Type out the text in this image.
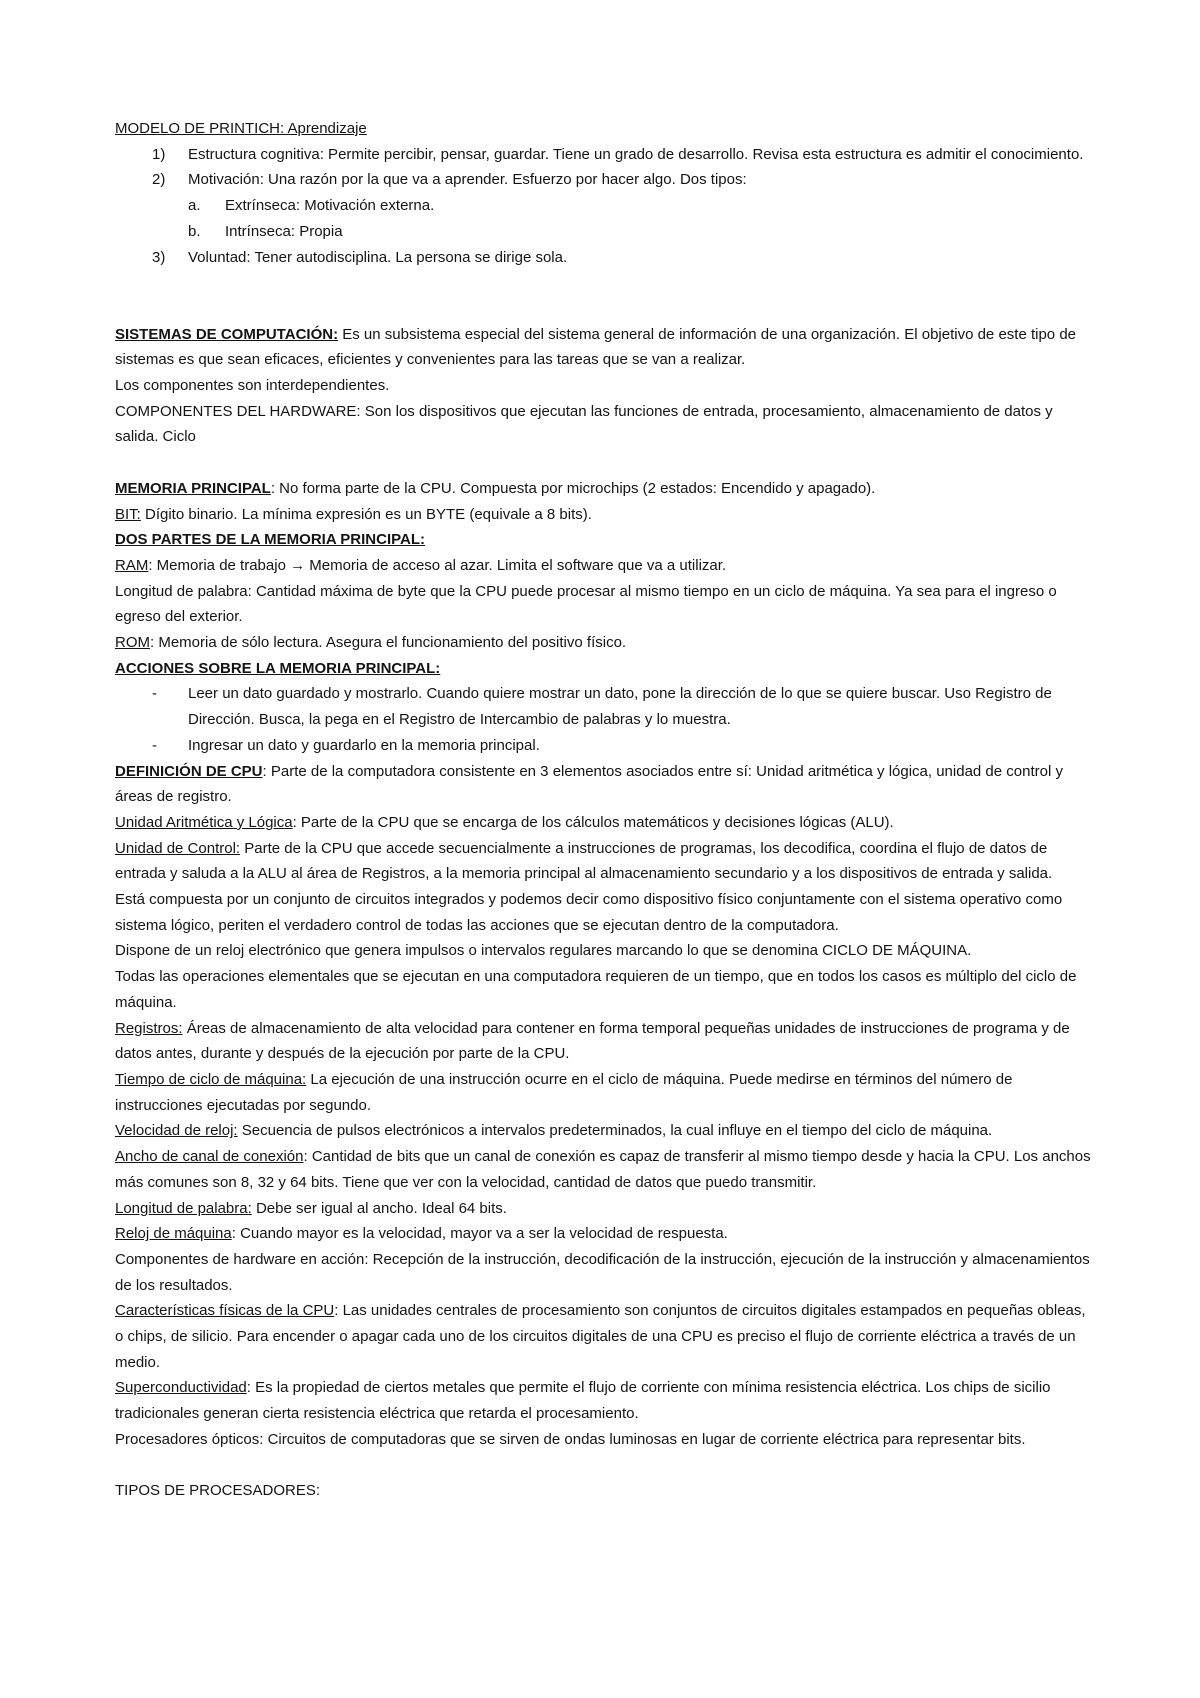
MODELO DE PRINTICH: Aprendizaje

1)	Estructura cognitiva: Permite percibir, pensar, guardar. Tiene un grado de desarrollo. Revisa esta estructura es admitir el conocimiento.
2)	Motivación: Una razón por la que va a aprender. Esfuerzo por hacer algo. Dos tipos:
a.	Extrínseca: Motivación externa.
b.	Intrínseca: Propia
3)	Voluntad: Tener autodisciplina. La persona se dirige sola.

SISTEMAS DE COMPUTACIÓN: Es un subsistema especial del sistema general de información de una organización. El objetivo de este tipo de sistemas es que sean eficaces, eficientes y convenientes para las tareas que se van a realizar.

Los componentes son interdependientes.

COMPONENTES DEL HARDWARE: Son los dispositivos que ejecutan las funciones de entrada, procesamiento, almacenamiento de datos y salida. Ciclo

MEMORIA PRINCIPAL: No forma parte de la CPU. Compuesta por microchips (2 estados: Encendido y apagado).

BIT: Dígito binario. La mínima expresión es un BYTE (equivale a 8 bits).

DOS PARTES DE LA MEMORIA PRINCIPAL:

RAM: Memoria de trabajo → Memoria de acceso al azar. Limita el software que va a utilizar.

Longitud de palabra: Cantidad máxima de byte que la CPU puede procesar al mismo tiempo en un ciclo de máquina. Ya sea para el ingreso o egreso del exterior.

ROM: Memoria de sólo lectura. Asegura el funcionamiento del positivo físico.

ACCIONES SOBRE LA MEMORIA PRINCIPAL:

-	Leer un dato guardado y mostrarlo. Cuando quiere mostrar un dato, pone la dirección de lo que se quiere buscar. Uso Registro de Dirección. Busca, la pega en el Registro de Intercambio de palabras y lo muestra.
-	Ingresar un dato y guardarlo en la memoria principal.

DEFINICIÓN DE CPU: Parte de la computadora consistente en 3 elementos asociados entre sí: Unidad aritmética y lógica, unidad de control y áreas de registro.

Unidad Aritmética y Lógica: Parte de la CPU que se encarga de los cálculos matemáticos y decisiones lógicas (ALU).

Unidad de Control: Parte de la CPU que accede secuencialmente a instrucciones de programas, los decodifica, coordina el flujo de datos de entrada y saluda a la ALU al área de Registros, a la memoria principal al almacenamiento secundario y a los dispositivos de entrada y salida.

Está compuesta por un conjunto de circuitos integrados y podemos decir como dispositivo físico conjuntamente con el sistema operativo como sistema lógico, periten el verdadero control de todas las acciones que se ejecutan dentro de la computadora.

Dispone de un reloj electrónico que genera impulsos o intervalos regulares marcando lo que se denomina CICLO DE MÁQUINA.

Todas las operaciones elementales que se ejecutan en una computadora requieren de un tiempo, que en todos los casos es múltiplo del ciclo de máquina.

Registros: Áreas de almacenamiento de alta velocidad para contener en forma temporal pequeñas unidades de instrucciones de programa y de datos antes, durante y después de la ejecución por parte de la CPU.

Tiempo de ciclo de máquina: La ejecución de una instrucción ocurre en el ciclo de máquina. Puede medirse en términos del número de instrucciones ejecutadas por segundo.

Velocidad de reloj: Secuencia de pulsos electrónicos a intervalos predeterminados, la cual influye en el tiempo del ciclo de máquina.

Ancho de canal de conexión: Cantidad de bits que un canal de conexión es capaz de transferir al mismo tiempo desde y hacia la CPU. Los anchos más comunes son 8, 32 y 64 bits. Tiene que ver con la velocidad, cantidad de datos que puedo transmitir.

Longitud de palabra: Debe ser igual al ancho. Ideal 64 bits.

Reloj de máquina: Cuando mayor es la velocidad, mayor va a ser la velocidad de respuesta.

Componentes de hardware en acción: Recepción de la instrucción, decodificación de la instrucción, ejecución de la instrucción y almacenamientos de los resultados.

Características físicas de la CPU: Las unidades centrales de procesamiento son conjuntos de circuitos digitales estampados en pequeñas obleas, o chips, de silicio. Para encender o apagar cada uno de los circuitos digitales de una CPU es preciso el flujo de corriente eléctrica a través de un medio.

Superconductividad: Es la propiedad de ciertos metales que permite el flujo de corriente con mínima resistencia eléctrica. Los chips de sicilio tradicionales generan cierta resistencia eléctrica que retarda el procesamiento.

Procesadores ópticos: Circuitos de computadoras que se sirven de ondas luminosas en lugar de corriente eléctrica para representar bits.

TIPOS DE PROCESADORES:
